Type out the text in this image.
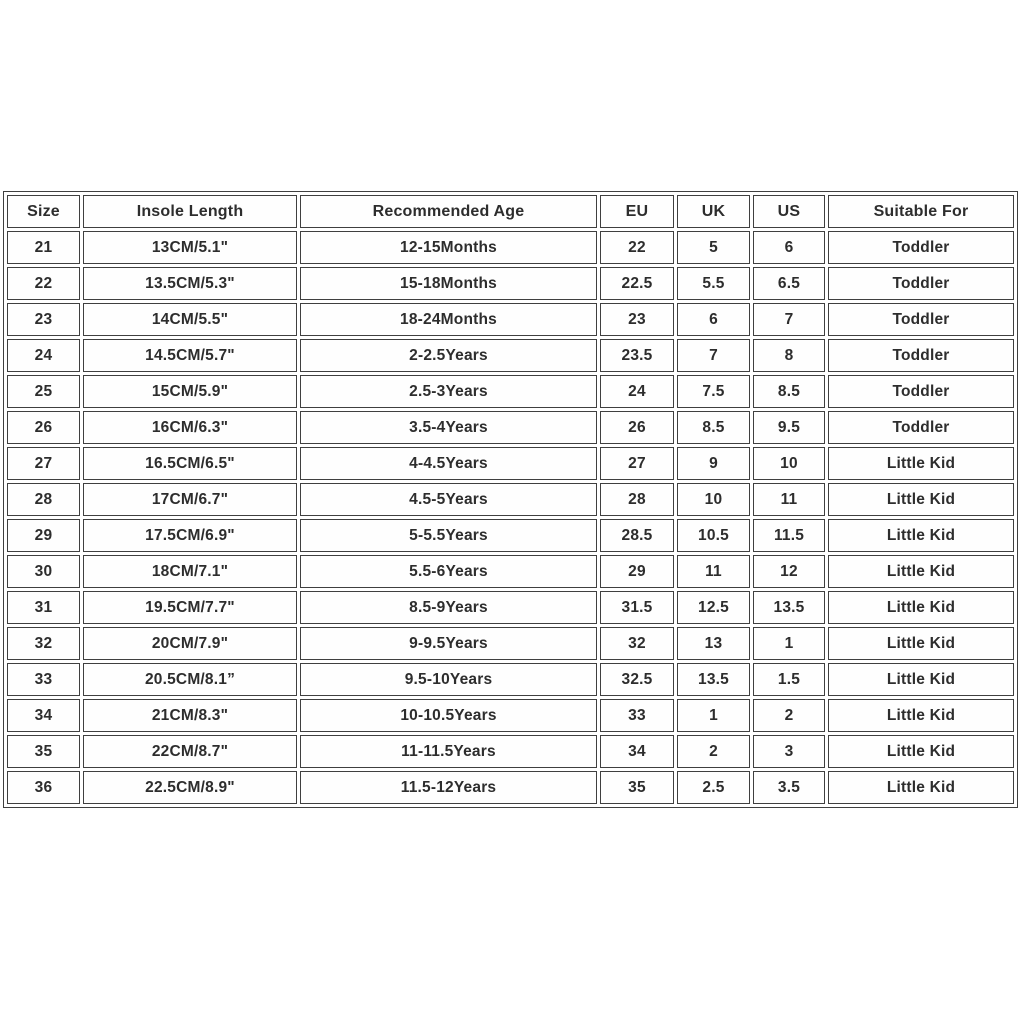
Size	Insole Length	Recommended Age	EU	UK	US	Suitable For
21	13CM/5.1"	12-15Months	22	5	6	Toddler
22	13.5CM/5.3"	15-18Months	22.5	5.5	6.5	Toddler
23	14CM/5.5"	18-24Months	23	6	7	Toddler
24	14.5CM/5.7"	2-2.5Years	23.5	7	8	Toddler
25	15CM/5.9"	2.5-3Years	24	7.5	8.5	Toddler
26	16CM/6.3"	3.5-4Years	26	8.5	9.5	Toddler
27	16.5CM/6.5"	4-4.5Years	27	9	10	Little Kid
28	17CM/6.7"	4.5-5Years	28	10	11	Little Kid
29	17.5CM/6.9"	5-5.5Years	28.5	10.5	11.5	Little Kid
30	18CM/7.1"	5.5-6Years	29	11	12	Little Kid
31	19.5CM/7.7"	8.5-9Years	31.5	12.5	13.5	Little Kid
32	20CM/7.9"	9-9.5Years	32	13	1	Little Kid
33	20.5CM/8.1”	9.5-10Years	32.5	13.5	1.5	Little Kid
34	21CM/8.3"	10-10.5Years	33	1	2	Little Kid
35	22CM/8.7"	11-11.5Years	34	2	3	Little Kid
36	22.5CM/8.9"	11.5-12Years	35	2.5	3.5	Little Kid
